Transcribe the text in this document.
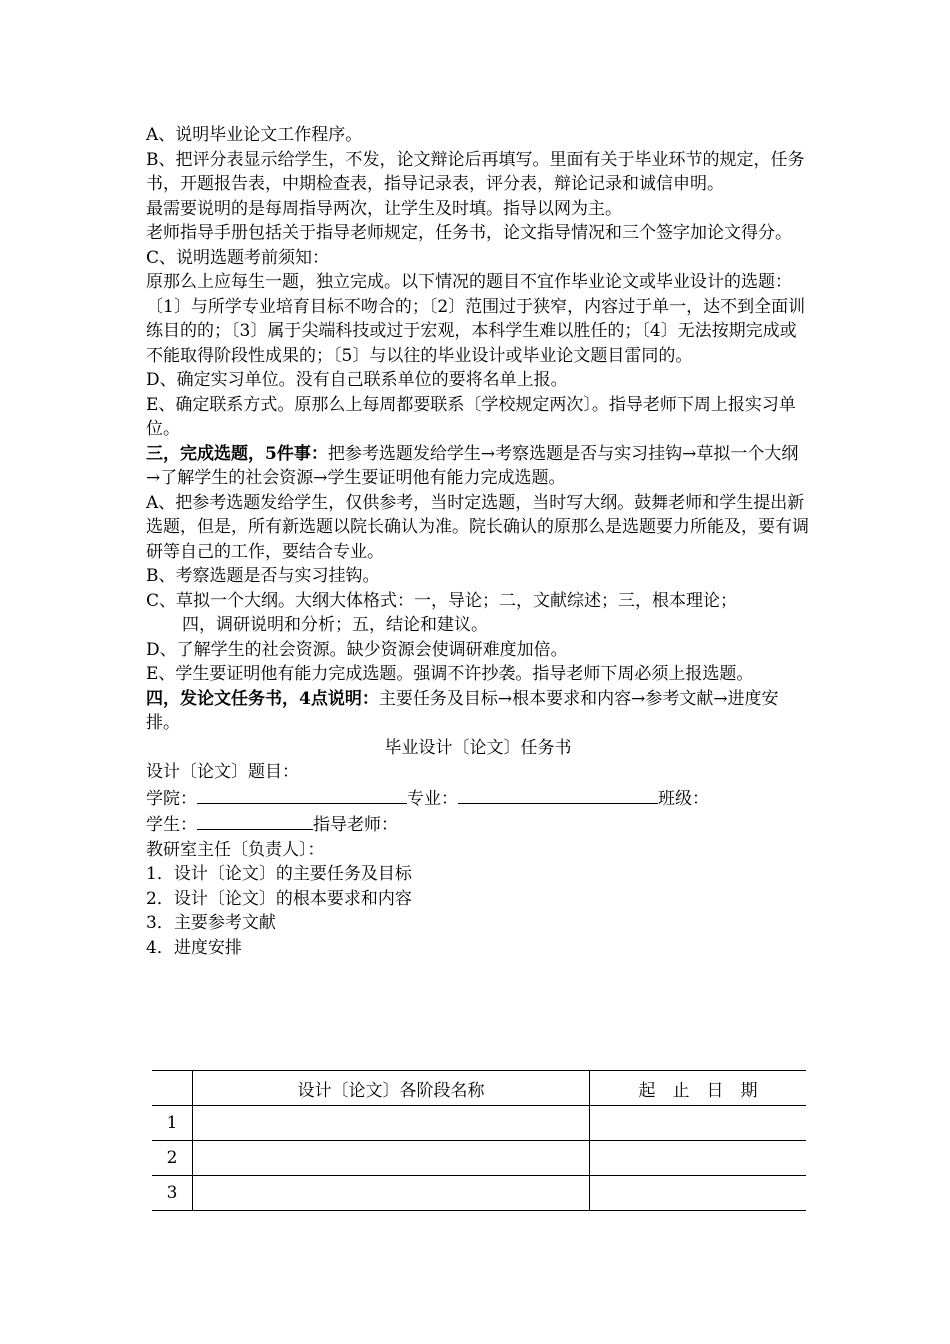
A、说明毕业论文工作程序。

B、把评分表显示给学生，不发，论文辩论后再填写。里面有关于毕业环节的规定，任务书，开题报告表，中期检查表，指导记录表，评分表，辩论记录和诚信申明。

最需要说明的是每周指导两次，让学生及时填。指导以网为主。

老师指导手册包括关于指导老师规定，任务书，论文指导情况和三个签字加论文得分。

C、说明选题考前须知：

原那么上应每生一题，独立完成。以下情况的题目不宜作毕业论文或毕业设计的选题：〔1〕与所学专业培育目标不吻合的；〔2〕范围过于狭窄，内容过于单一，达不到全面训练目的的；〔3〕属于尖端科技或过于宏观，本科学生难以胜任的；〔4〕无法按期完成或不能取得阶段性成果的；〔5〕与以往的毕业设计或毕业论文题目雷同的。

D、确定实习单位。没有自己联系单位的要将名单上报。

E、确定联系方式。原那么上每周都要联系〔学校规定两次〕。指导老师下周上报实习单位。

三，完成选题，5件事：把参考选题发给学生→考察选题是否与实习挂钩→草拟一个大纲→了解学生的社会资源→学生要证明他有能力完成选题。

A、把参考选题发给学生，仅供参考，当时定选题，当时写大纲。鼓舞老师和学生提出新选题，但是，所有新选题以院长确认为准。院长确认的原那么是选题要力所能及，要有调研等自己的工作，要结合专业。

B、考察选题是否与实习挂钩。

C、草拟一个大纲。大纲大体格式：一，导论；二，文献综述；三，根本理论；

四，调研说明和分析；五，结论和建议。

D、了解学生的社会资源。缺少资源会使调研难度加倍。

E、学生要证明他有能力完成选题。强调不许抄袭。指导老师下周必须上报选题。

四，发论文任务书，4点说明：主要任务及目标→根本要求和内容→参考文献→进度安排。

毕业设计〔论文〕任务书

设计〔论文〕题目：

学院：	专业：	班级：

学生：	指导老师：

教研室主任〔负责人〕：

1．设计〔论文〕的主要任务及目标

2．设计〔论文〕的根本要求和内容

3．主要参考文献

4．进度安排

	设计〔论文〕各阶段名称	起　止　日　期
1		
2		
3		
